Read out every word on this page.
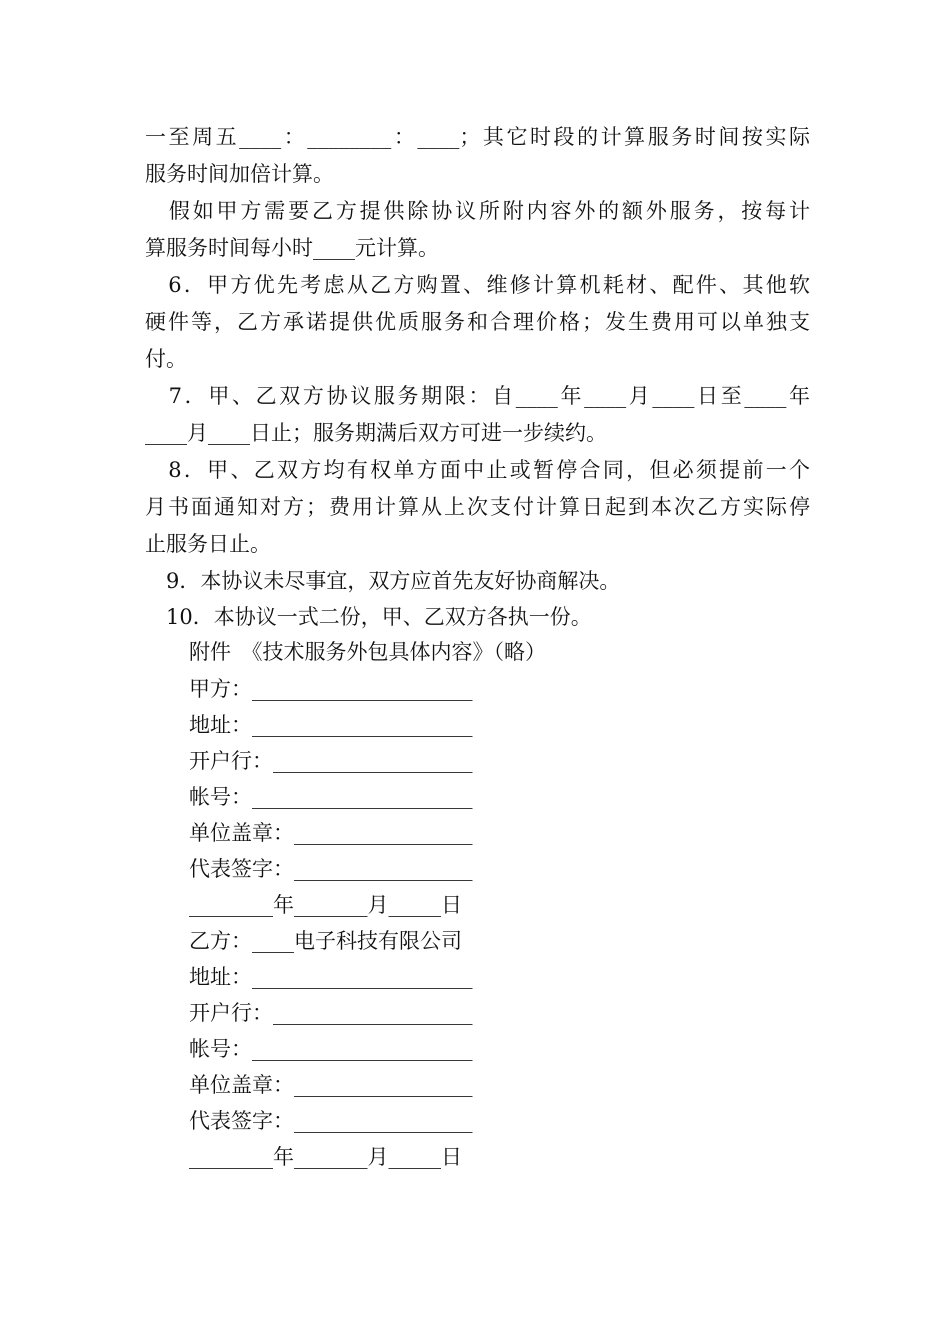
一至周五____：________：____；其它时段的计算服务时间按实际
服务时间加倍计算。
　假如甲方需要乙方提供除协议所附内容外的额外服务，按每计
算服务时间每小时____元计算。
　6．甲方优先考虑从乙方购置、维修计算机耗材、配件、其他软
硬件等，乙方承诺提供优质服务和合理价格；发生费用可以单独支
付。
　7．甲、乙双方协议服务期限：自____年____月____日至____年
____月____日止；服务期满后双方可进一步续约。
　8．甲、乙双方均有权单方面中止或暂停合同，但必须提前一个
月书面通知对方；费用计算从上次支付计算日起到本次乙方实际停
止服务日止。
　9．本协议未尽事宜，双方应首先友好协商解决。
　10．本协议一式二份，甲、乙双方各执一份。
附件　《技术服务外包具体内容》（略）
甲方：_____________________
地址：_____________________
开户行：___________________
帐号：_____________________
单位盖章：_________________
代表签字：_________________
________年_______月_____日
乙方：____电子科技有限公司
地址：_____________________
开户行：___________________
帐号：_____________________
单位盖章：_________________
代表签字：_________________
________年_______月_____日
